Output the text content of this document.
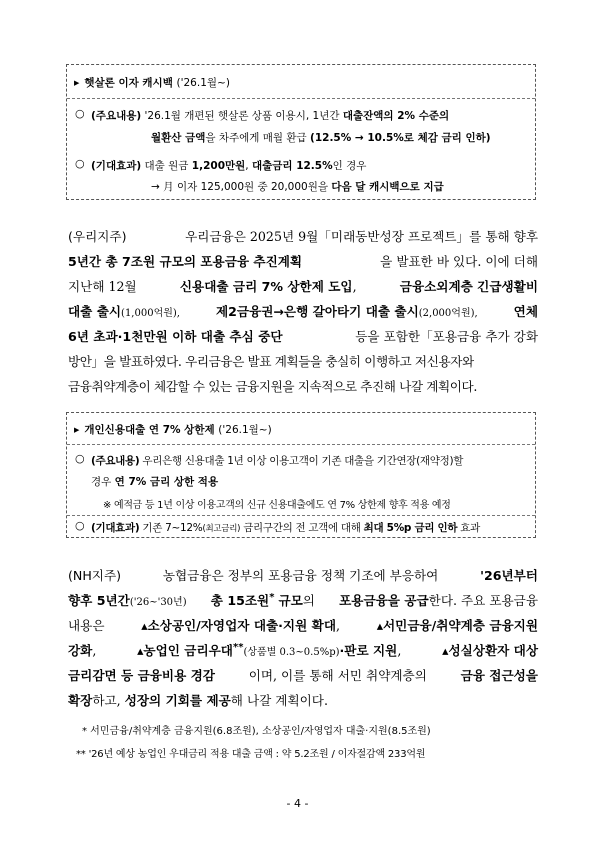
▶ 햇살론 이자 캐시백 ('26.1월~)
○ (주요내용) '26.1월 개편된 햇살론 상품 이용시, 1년간 대출잔액의 2% 수준의
월환산 금액을 차주에게 매월 환급 (12.5% → 10.5%로 체감 금리 인하)
○ (기대효과) 대출 원금 1,200만원, 대출금리 12.5%인 경우
→ 月 이자 125,000원 중 20,000원을 다음 달 캐시백으로 지급
(우리지주)	우리금융은 2025년 9월「미래동반성장 프로젝트」를 통해 향후
5년간 총 7조원 규모의 포용금융 추진계획	을 발표한 바 있다. 이에 더해
지난해 12월	신용대출 금리 7% 상한제 도입,	금융소외계층 긴급생활비
대출 출시(1,000억원),	제2금융권→은행 갈아타기 대출 출시(2,000억원),	연체
6년 초과·1천만원 이하 대출 추심 중단	등을 포함한「포용금융 추가 강화
방안」을 발표하였다. 우리금융은 발표 계획들을 충실히 이행하고 저신용자와
금융취약계층이 체감할 수 있는 금융지원을 지속적으로 추진해 나갈 계획이다.
▶ 개인신용대출 연 7% 상한제 ('26.1월~)
○ (주요내용) 우리은행 신용대출 1년 이상 이용고객이 기존 대출을 기간연장(재약정)할
경우 연 7% 금리 상한 적용
※ 예적금 등 1년 이상 이용고객의 신규 신용대출에도 연 7% 상한제 향후 적용 예정
○ (기대효과) 기존 7~12%(최고금리) 금리구간의 전 고객에 대해 최대 5%p 금리 인하 효과
(NH지주)	농협금융은 정부의 포용금융 정책 기조에 부응하여	'26년부터
향후 5년간('26~'30년) 총 15조원* 규모의 포용금융을 공급한다. 주요 포용금융
내용은	▴소상공인/자영업자 대출·지원 확대,	▴서민금융/취약계층 금융지원
강화,	▴농업인 금리우대**(상품별 0.3~0.5%p)·판로 지원,	▴성실상환자 대상
금리감면 등 금융비용 경감	이며, 이를 통해 서민 취약계층의	금융 접근성을
확장하고, 성장의 기회를 제공해 나갈 계획이다.
* 서민금융/취약계층 금융지원(6.8조원), 소상공인/자영업자 대출·지원(8.5조원)
** '26년 예상 농업인 우대금리 적용 대출 금액 : 약 5.2조원 / 이자절감액 233억원
- 4 -
